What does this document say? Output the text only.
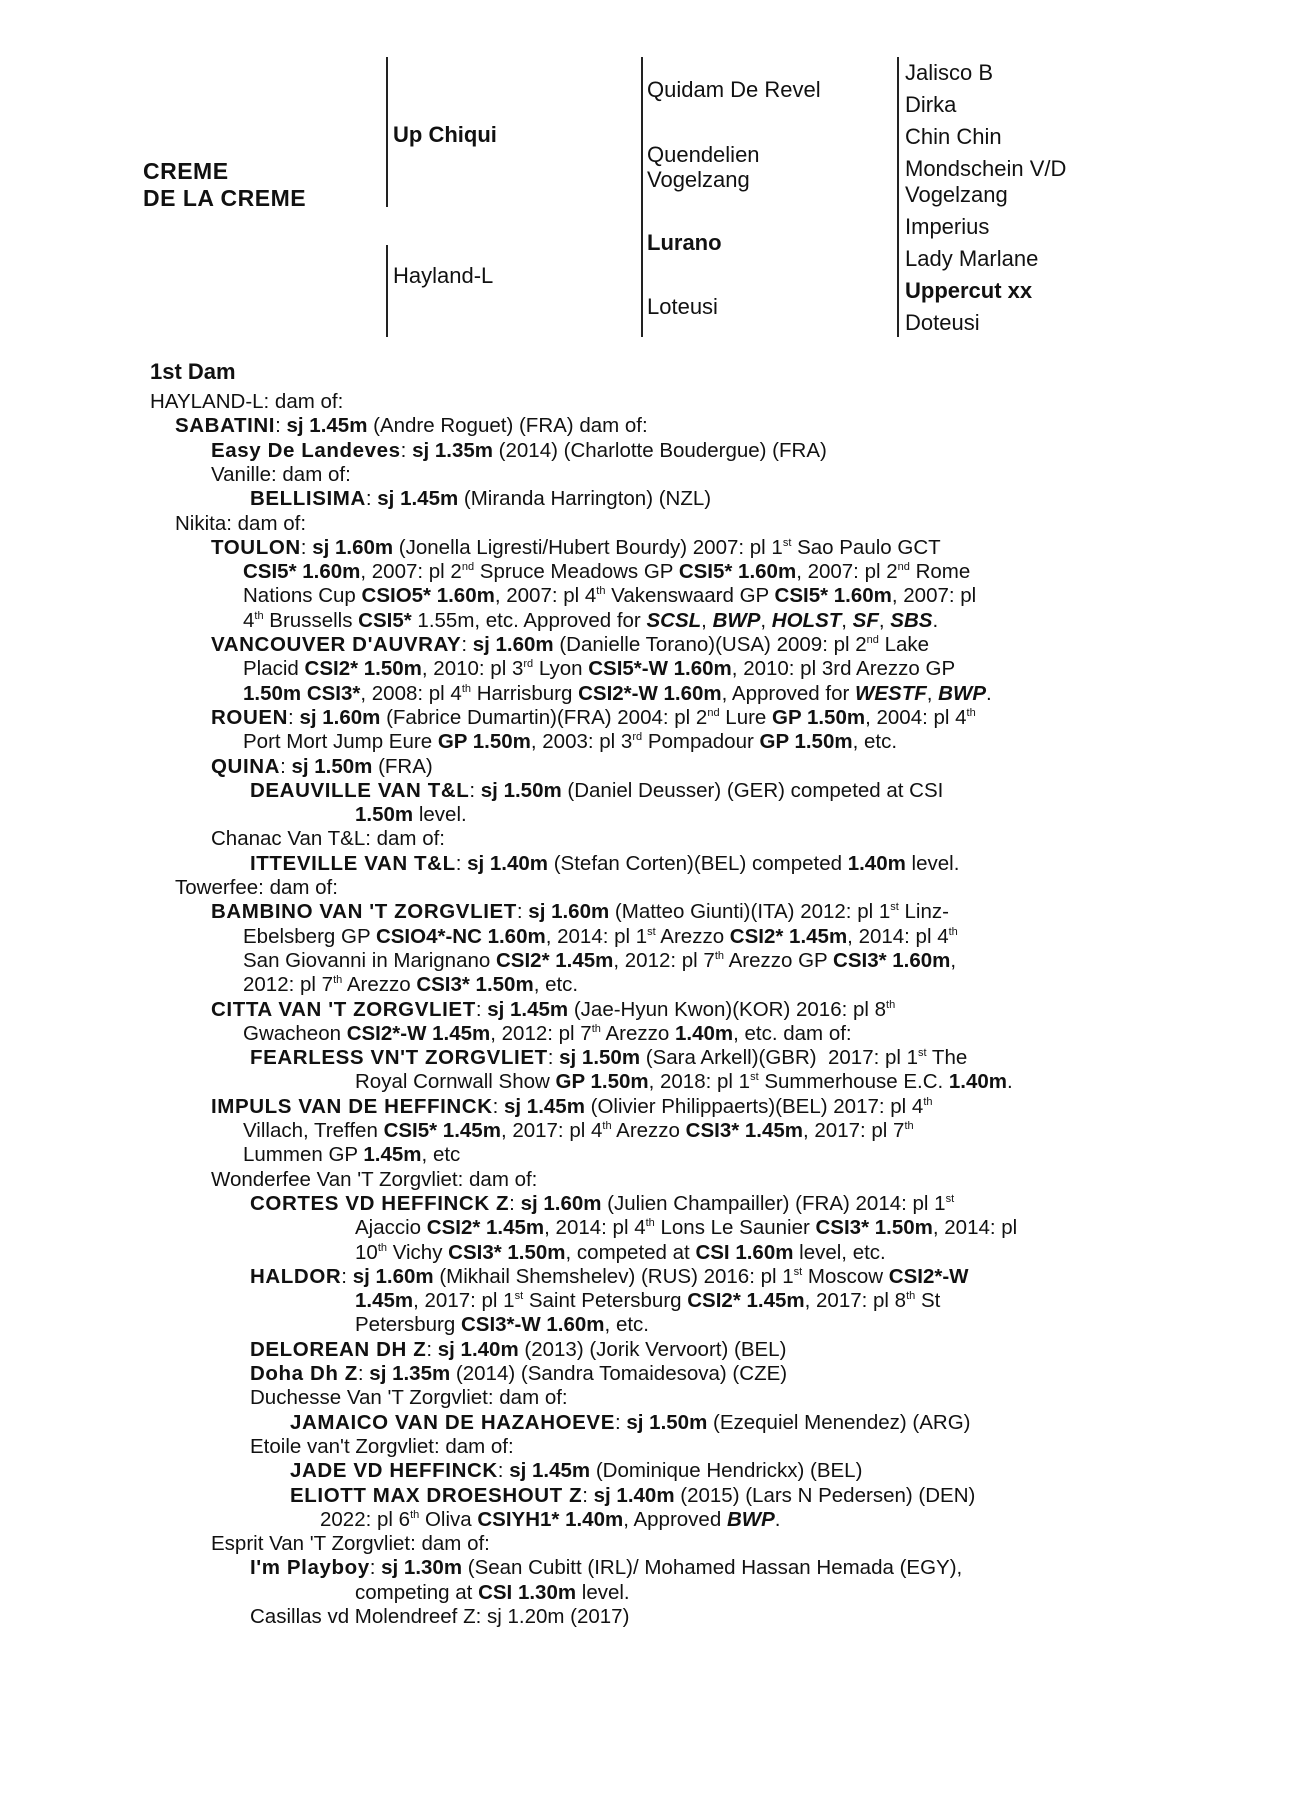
CREME
DE LA CREME
Up Chiqui
Hayland-L
Quidam De Revel
Quendelien
Vogelzang
Lurano
Loteusi
Jalisco B
Dirka
Chin Chin
Mondschein V/D
Vogelzang
Imperius
Lady Marlane
Uppercut xx
Doteusi
1st Dam
HAYLAND-L: dam of:
SABATINI: sj 1.45m (Andre Roguet) (FRA) dam of:
Easy De Landeves: sj 1.35m (2014) (Charlotte Boudergue) (FRA)
Vanille: dam of:
BELLISIMA: sj 1.45m (Miranda Harrington) (NZL)
Nikita: dam of:
TOULON: sj 1.60m (Jonella Ligresti/Hubert Bourdy) 2007: pl 1st Sao Paulo GCT
CSI5* 1.60m, 2007: pl 2nd Spruce Meadows GP CSI5* 1.60m, 2007: pl 2nd Rome
Nations Cup CSIO5* 1.60m, 2007: pl 4th Vakenswaard GP CSI5* 1.60m, 2007: pl
4th Brussells CSI5* 1.55m, etc. Approved for SCSL, BWP, HOLST, SF, SBS.
VANCOUVER D'AUVRAY: sj 1.60m (Danielle Torano)(USA) 2009: pl 2nd Lake
Placid CSI2* 1.50m, 2010: pl 3rd Lyon CSI5*-W 1.60m, 2010: pl 3rd Arezzo GP
1.50m CSI3*, 2008: pl 4th Harrisburg CSI2*-W 1.60m, Approved for WESTF, BWP.
ROUEN: sj 1.60m (Fabrice Dumartin)(FRA) 2004: pl 2nd Lure GP 1.50m, 2004: pl 4th
Port Mort Jump Eure GP 1.50m, 2003: pl 3rd Pompadour GP 1.50m, etc.
QUINA: sj 1.50m (FRA)
DEAUVILLE VAN T&L: sj 1.50m (Daniel Deusser) (GER) competed at CSI
1.50m level.
Chanac Van T&L: dam of:
ITTEVILLE VAN T&L: sj 1.40m (Stefan Corten)(BEL) competed 1.40m level.
Towerfee: dam of:
BAMBINO VAN 'T ZORGVLIET: sj 1.60m (Matteo Giunti)(ITA) 2012: pl 1st Linz-
Ebelsberg GP CSIO4*-NC 1.60m, 2014: pl 1st Arezzo CSI2* 1.45m, 2014: pl 4th
San Giovanni in Marignano CSI2* 1.45m, 2012: pl 7th Arezzo GP CSI3* 1.60m,
2012: pl 7th Arezzo CSI3* 1.50m, etc.
CITTA VAN 'T ZORGVLIET: sj 1.45m (Jae-Hyun Kwon)(KOR) 2016: pl 8th
Gwacheon CSI2*-W 1.45m, 2012: pl 7th Arezzo 1.40m, etc. dam of:
FEARLESS VN'T ZORGVLIET: sj 1.50m (Sara Arkell)(GBR)  2017: pl 1st The
Royal Cornwall Show GP 1.50m, 2018: pl 1st Summerhouse E.C. 1.40m.
IMPULS VAN DE HEFFINCK: sj 1.45m (Olivier Philippaerts)(BEL) 2017: pl 4th
Villach, Treffen CSI5* 1.45m, 2017: pl 4th Arezzo CSI3* 1.45m, 2017: pl 7th
Lummen GP 1.45m, etc
Wonderfee Van 'T Zorgvliet: dam of:
CORTES VD HEFFINCK Z: sj 1.60m (Julien Champailler) (FRA) 2014: pl 1st
Ajaccio CSI2* 1.45m, 2014: pl 4th Lons Le Saunier CSI3* 1.50m, 2014: pl
10th Vichy CSI3* 1.50m, competed at CSI 1.60m level, etc.
HALDOR: sj 1.60m (Mikhail Shemshelev) (RUS) 2016: pl 1st Moscow CSI2*-W
1.45m, 2017: pl 1st Saint Petersburg CSI2* 1.45m, 2017: pl 8th St
Petersburg CSI3*-W 1.60m, etc.
DELOREAN DH Z: sj 1.40m (2013) (Jorik Vervoort) (BEL)
Doha Dh Z: sj 1.35m (2014) (Sandra Tomaidesova) (CZE)
Duchesse Van 'T Zorgvliet: dam of:
JAMAICO VAN DE HAZAHOEVE: sj 1.50m (Ezequiel Menendez) (ARG)
Etoile van't Zorgvliet: dam of:
JADE VD HEFFINCK: sj 1.45m (Dominique Hendrickx) (BEL)
ELIOTT MAX DROESHOUT Z: sj 1.40m (2015) (Lars N Pedersen) (DEN)
2022: pl 6th Oliva CSIYH1* 1.40m, Approved BWP.
Esprit Van 'T Zorgvliet: dam of:
I'm Playboy: sj 1.30m (Sean Cubitt (IRL)/ Mohamed Hassan Hemada (EGY),
competing at CSI 1.30m level.
Casillas vd Molendreef Z: sj 1.20m (2017)
